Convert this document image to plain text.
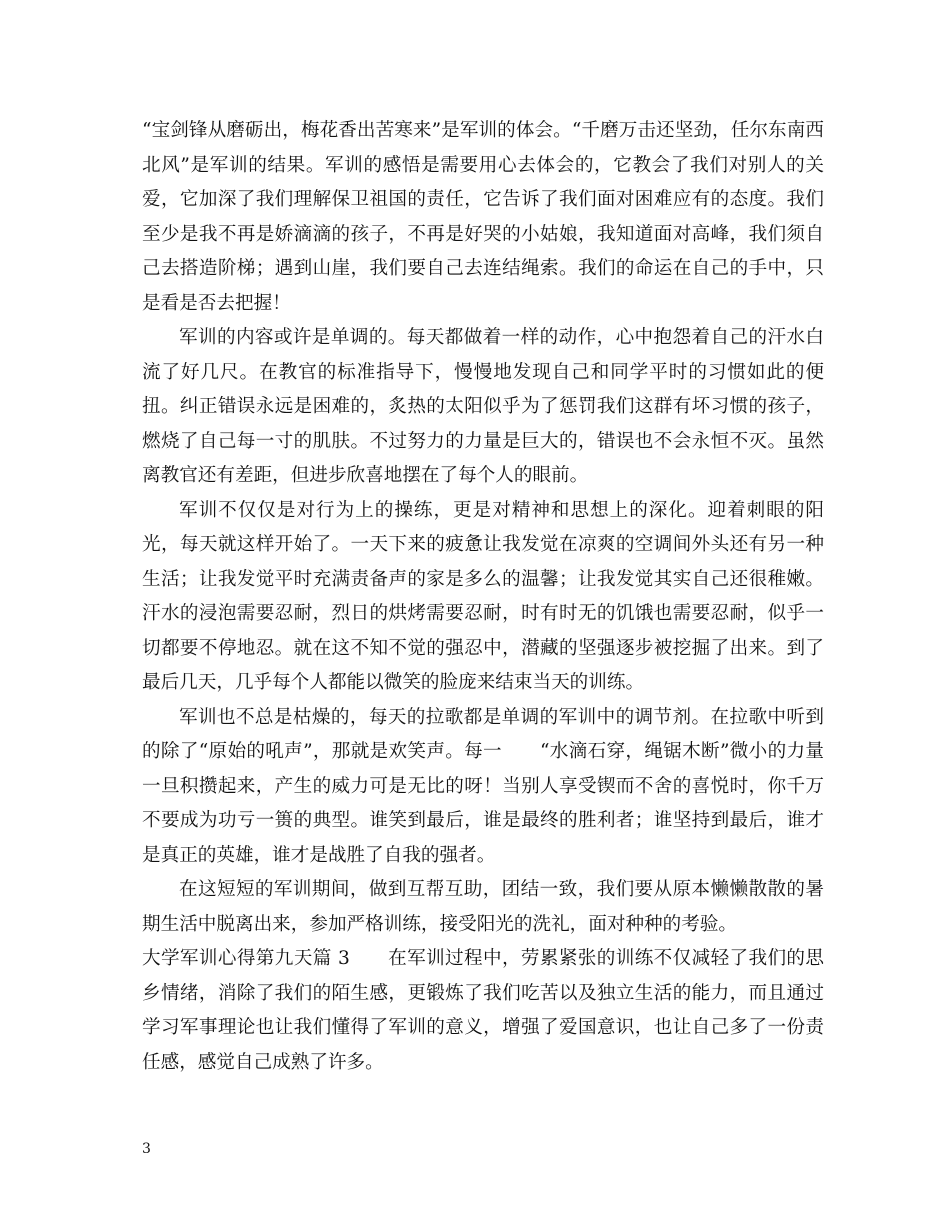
“宝剑锋从磨砺出，梅花香出苦寒来”是军训的体会。“千磨万击还坚劲，任尔东南西北风”是军训的结果。军训的感悟是需要用心去体会的，它教会了我们对别人的关爱，它加深了我们理解保卫祖国的责任，它告诉了我们面对困难应有的态度。我们至少是我不再是娇滴滴的孩子，不再是好哭的小姑娘，我知道面对高峰，我们须自己去搭造阶梯；遇到山崖，我们要自己去连结绳索。我们的命运在自己的手中，只是看是否去把握！

军训的内容或许是单调的。每天都做着一样的动作，心中抱怨着自己的汗水白流了好几尺。在教官的标准指导下，慢慢地发现自己和同学平时的习惯如此的便扭。纠正错误永远是困难的，炙热的太阳似乎为了惩罚我们这群有坏习惯的孩子，燃烧了自己每一寸的肌肤。不过努力的力量是巨大的，错误也不会永恒不灭。虽然离教官还有差距，但进步欣喜地摆在了每个人的眼前。

军训不仅仅是对行为上的操练，更是对精神和思想上的深化。迎着刺眼的阳光，每天就这样开始了。一天下来的疲惫让我发觉在凉爽的空调间外头还有另一种生活；让我发觉平时充满责备声的家是多么的温馨；让我发觉其实自己还很稚嫩。汗水的浸泡需要忍耐，烈日的烘烤需要忍耐，时有时无的饥饿也需要忍耐，似乎一切都要不停地忍。就在这不知不觉的强忍中，潜藏的坚强逐步被挖掘了出来。到了最后几天，几乎每个人都能以微笑的脸庞来结束当天的训练。

军训也不总是枯燥的，每天的拉歌都是单调的军训中的调节剂。在拉歌中听到的除了“原始的吼声”，那就是欢笑声。每一 “水滴石穿，绳锯木断”微小的力量一旦积攒起来，产生的威力可是无比的呀！当别人享受锲而不舍的喜悦时，你千万不要成为功亏一篑的典型。谁笑到最后，谁是最终的胜利者；谁坚持到最后，谁才是真正的英雄，谁才是战胜了自我的强者。

在这短短的军训期间，做到互帮互助，团结一致，我们要从原本懒懒散散的暑期生活中脱离出来，参加严格训练，接受阳光的洗礼，面对种种的考验。

大学军训心得第九天篇 3 在军训过程中，劳累紧张的训练不仅减轻了我们的思乡情绪，消除了我们的陌生感，更锻炼了我们吃苦以及独立生活的能力，而且通过学习军事理论也让我们懂得了军训的意义，增强了爱国意识，也让自己多了一份责任感，感觉自己成熟了许多。

3
